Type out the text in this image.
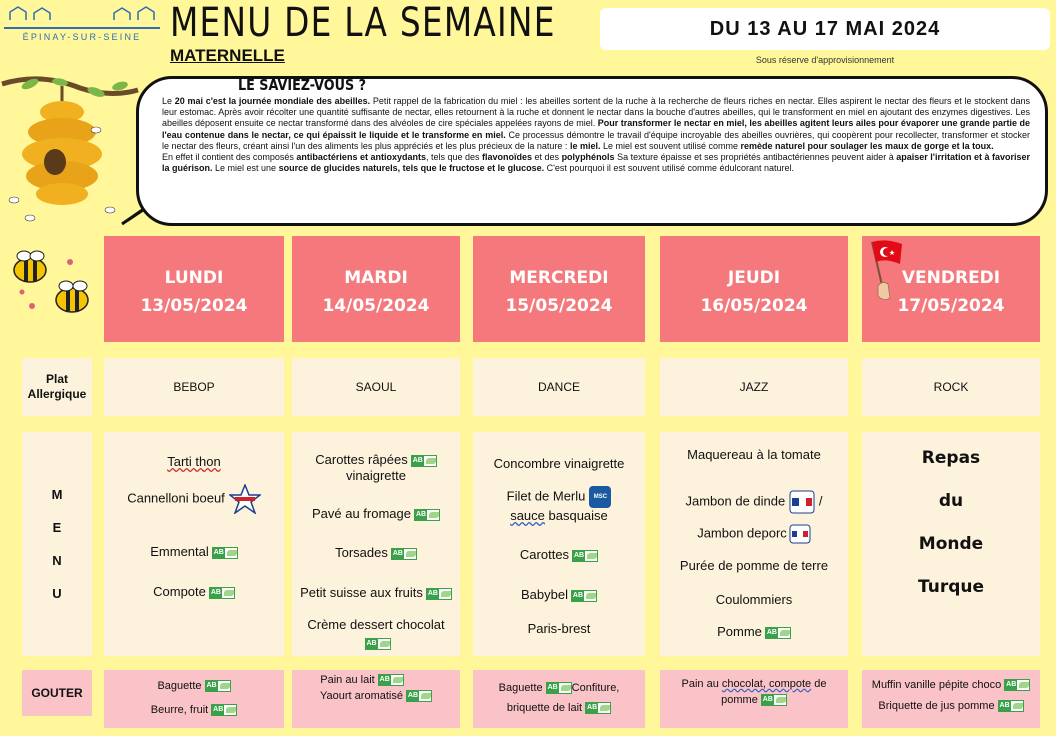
ÉPINAY-SUR-SEINE MENU DE LA SEMAINE
MATERNELLE
DU 13 AU 17 MAI 2024
Sous réserve d'approvisionnement
LE SAVIEZ-VOUS ?
Le 20 mai c'est la journée mondiale des abeilles. Petit rappel de la fabrication du miel : les abeilles sortent de la ruche à la recherche de fleurs riches en nectar. Elles aspirent le nectar des fleurs et le stockent dans leur estomac. Après avoir récolter une quantité suffisante de nectar, elles retournent à la ruche et donnent le nectar dans la bouche d'autres abeilles, qui le transforment en miel en ajoutant des enzymes digestives. Les abeilles déposent ensuite ce nectar transformé dans des alvéoles de cire spéciales appelées rayons de miel. Pour transformer le nectar en miel, les abeilles agitent leurs ailes pour évaporer une grande partie de l'eau contenue dans le nectar, ce qui épaissit le liquide et le transforme en miel. Ce processus démontre le travail d'équipe incroyable des abeilles ouvrières, qui coopèrent pour recollecter, transformer et stocker le nectar des fleurs, créant ainsi l'un des aliments les plus appréciés et les plus précieux de la nature : le miel. Le miel est souvent utilisé comme remède naturel pour soulager les maux de gorge et la toux.
En effet il contient des composés antibactériens et antioxydants, tels que des flavonoïdes et des polyphénols Sa texture épaisse et ses propriétés antibactériennes peuvent aider à apaiser l'irritation et à favoriser la guérison. Le miel est une source de glucides naturels, tels que le fructose et le glucose. C'est pourquoi il est souvent utilisé comme édulcorant naturel.
LUNDI
13/05/2024
MARDI
14/05/2024
MERCREDI
15/05/2024
JEUDI
16/05/2024
VENDREDI
17/05/2024
Plat
Allergique	BEBOP	SAOUL	DANCE	JAZZ	ROCK
M
E
N
U
Tarti thon
Cannelloni boeuf
EmmentalAB
CompoteAB
Carottes râpéesAB
vinaigrette
Pavé au fromageAB
TorsadesAB
Petit suisse aux fruitsAB
Crème dessert chocolat
AB
Concombre vinaigrette
Filet de Merlu MSC
sauce basquaise
CarottesAB
BabybelAB
Paris-brest
Maquereau à la tomate
Jambon de dinde	/
Jambon deporc
Purée de pomme de terre
Coulommiers
PommeAB
Repas
du
Monde
Turque
GOUTER	BaguetteAB
Beurre, fruitAB
Pain au laitAB
Yaourt aromatiséAB
BaguetteAB	Confiture,
briquette de laitAB
Pain au chocolat, compote de
pommeAB
Muffin vanille pépite chocoAB
Briquette de jus pommeAB
